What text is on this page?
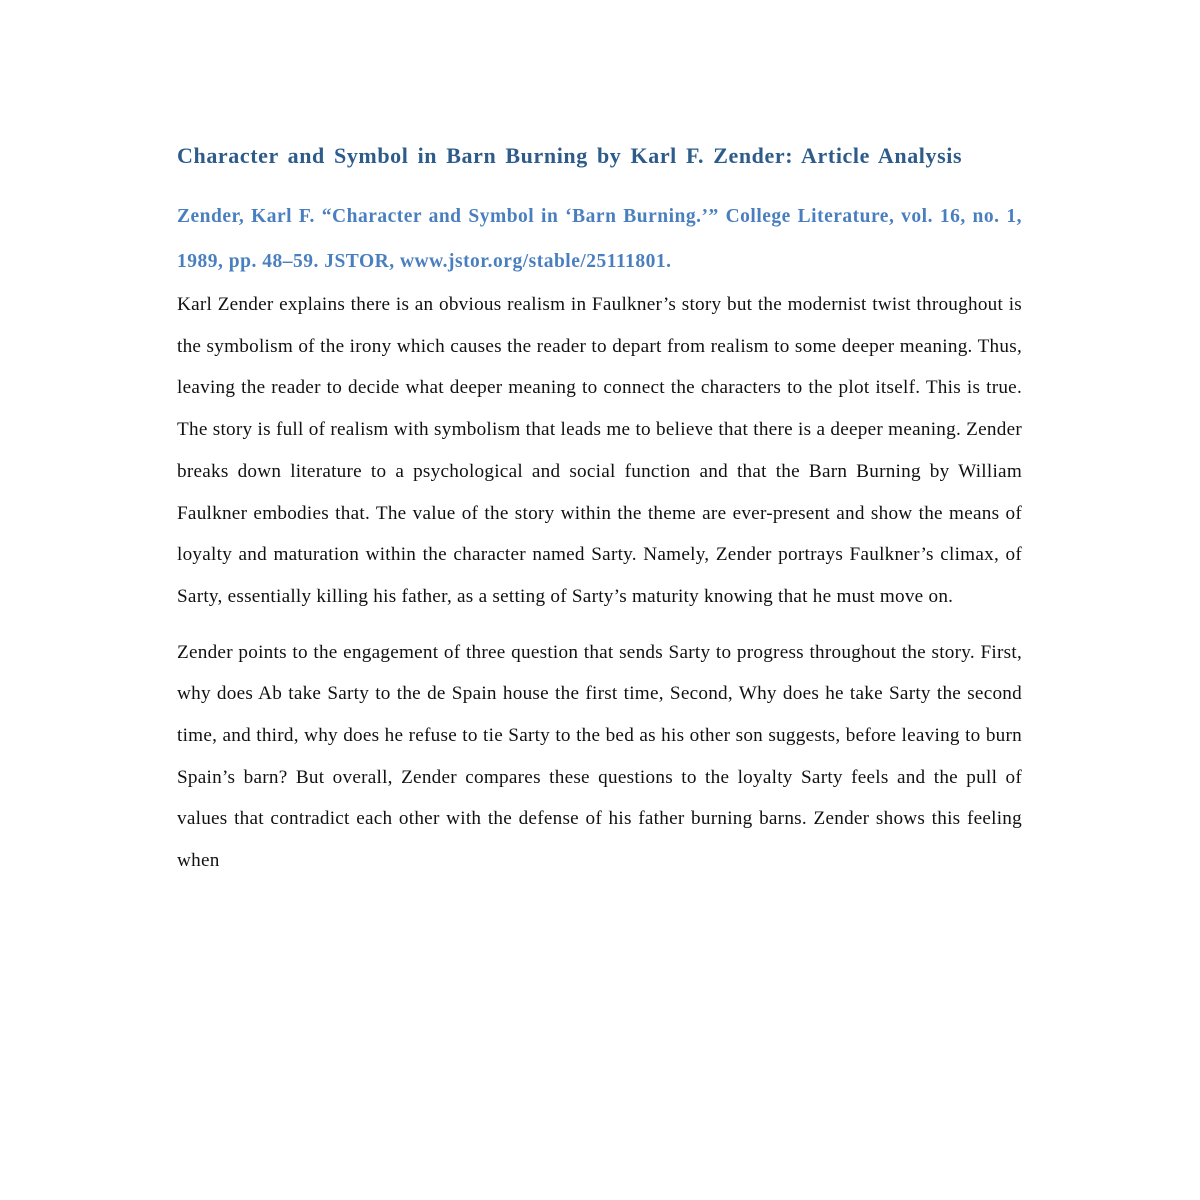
Character and Symbol in Barn Burning by Karl F. Zender: Article Analysis

Zender, Karl F. “Character and Symbol in ‘Barn Burning.’” College Literature, vol. 16, no. 1, 1989, pp. 48–59. JSTOR, www.jstor.org/stable/25111801.

Karl Zender explains there is an obvious realism in Faulkner’s story but the modernist twist throughout is the symbolism of the irony which causes the reader to depart from realism to some deeper meaning. Thus, leaving the reader to decide what deeper meaning to connect the characters to the plot itself. This is true. The story is full of realism with symbolism that leads me to believe that there is a deeper meaning. Zender breaks down literature to a psychological and social function and that the Barn Burning by William Faulkner embodies that. The value of the story within the theme are ever-present and show the means of loyalty and maturation within the character named Sarty. Namely, Zender portrays Faulkner’s climax, of Sarty, essentially killing his father, as a setting of Sarty’s maturity knowing that he must move on.

Zender points to the engagement of three question that sends Sarty to progress throughout the story. First, why does Ab take Sarty to the de Spain house the first time, Second, Why does he take Sarty the second time, and third, why does he refuse to tie Sarty to the bed as his other son suggests, before leaving to burn Spain’s barn? But overall, Zender compares these questions to the loyalty Sarty feels and the pull of values that contradict each other with the defense of his father burning barns. Zender shows this feeling when
